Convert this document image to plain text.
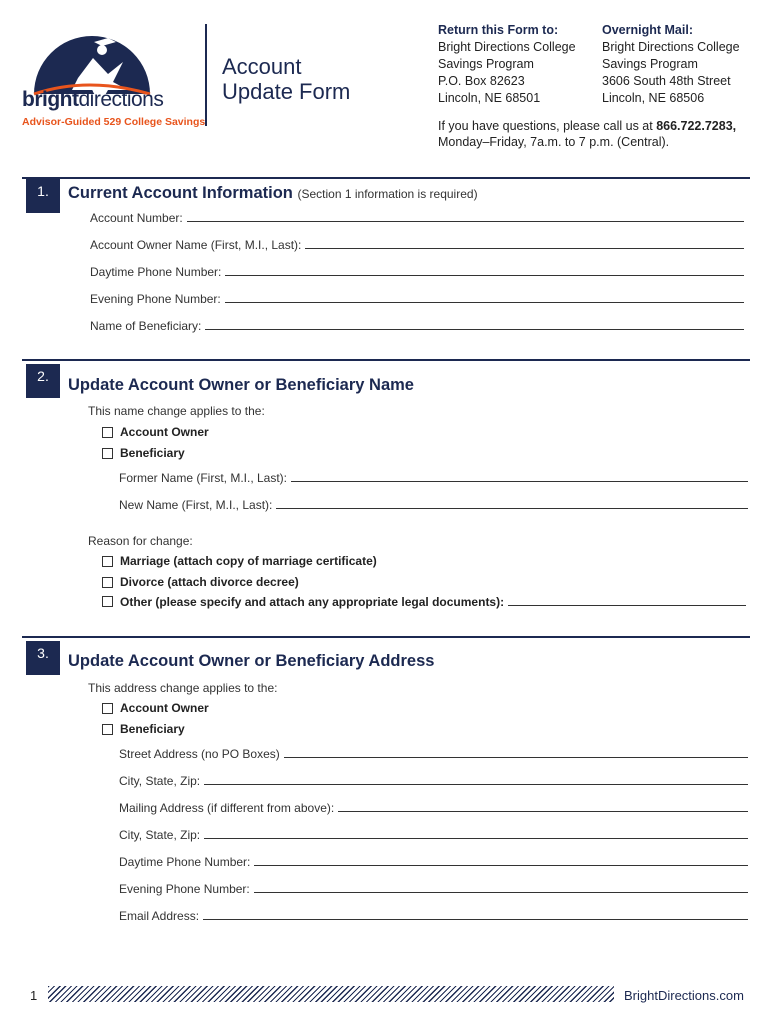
brightdirections
Advisor-Guided 529 College Savings
Account
Update Form
Return this Form to:
Bright Directions College
Savings Program
P.O. Box 82623
Lincoln, NE 68501
Overnight Mail:
Bright Directions College
Savings Program
3606 South 48th Street
Lincoln, NE 68506
If you have questions, please call us at 866.722.7283,
Monday–Friday, 7a.m. to 7 p.m. (Central).
1.	Current Account Information (Section 1 information is required)
Account Number:
Account Owner Name (First, M.I., Last):
Daytime Phone Number:
Evening Phone Number:
Name of Beneficiary:
2.	Update Account Owner or Beneficiary Name
This name change applies to the:
Account Owner
Beneficiary
Former Name (First, M.I., Last):
New Name (First, M.I., Last):
Reason for change:
Marriage (attach copy of marriage certificate)
Divorce (attach divorce decree)
Other (please specify and attach any appropriate legal documents):
3.	Update Account Owner or Beneficiary Address
This address change applies to the:
Account Owner
Beneficiary
Street Address (no PO Boxes)
City, State, Zip:
Mailing Address (if different from above):
City, State, Zip:
Daytime Phone Number:
Evening Phone Number:
Email Address:
1	BrightDirections.com
